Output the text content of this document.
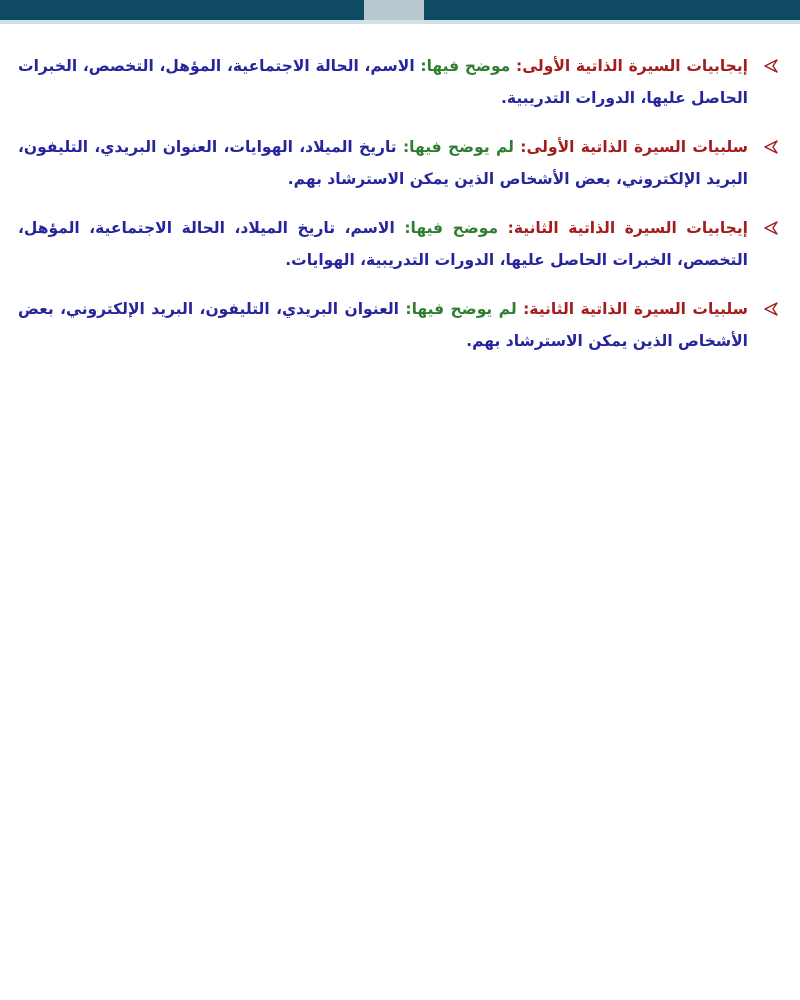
إيجابيات السيرة الذاتية الأولى: موضح فيها: الاسم، الحالة الاجتماعية، المؤهل، التخصص، الخبرات الحاصل عليها، الدورات التدريبية.
سلبيات السيرة الذاتية الأولى: لم يوضح فيها: تاريخ الميلاد، الهوايات، العنوان البريدي، التليفون، البريد الإلكتروني، بعض الأشخاص الذين يمكن الاسترشاد بهم.
إيجابيات السيرة الذاتية الثانية: موضح فيها: الاسم، تاريخ الميلاد، الحالة الاجتماعية، المؤهل، التخصص، الخبرات الحاصل عليها، الدورات التدريبية، الهوايات.
سلبيات السيرة الذاتية الثانية: لم يوضح فيها: العنوان البريدي، التليفون، البريد الإلكتروني، بعض الأشخاص الذين يمكن الاسترشاد بهم.
